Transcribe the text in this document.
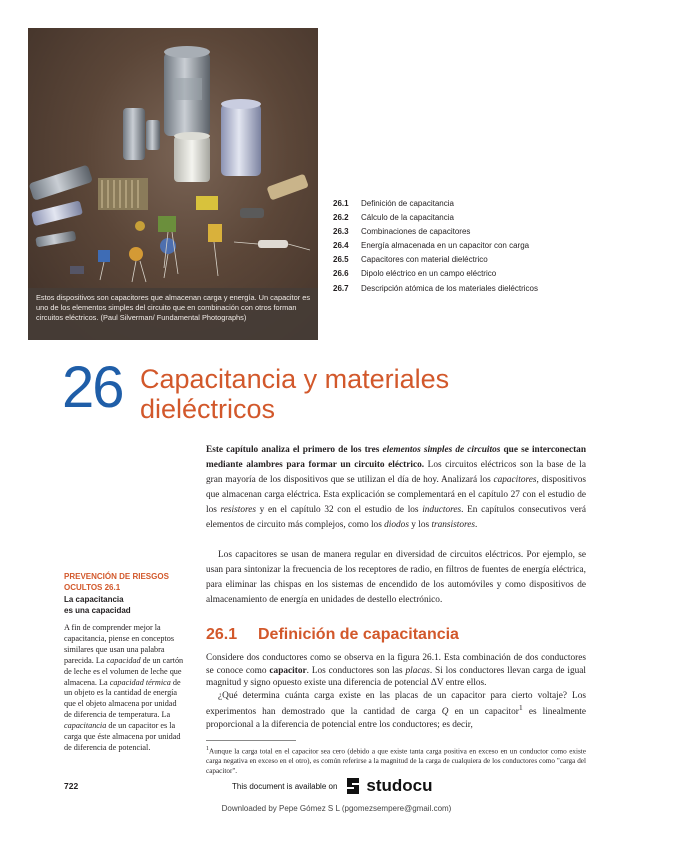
Estos dispositivos son capacitores que almacenan carga y energía. Un capacitor es uno de los elementos simples del circuito que en combinación con otros forman circuitos eléctricos. (Paul Silverman/ Fundamental Photographs)
26.1 Definición de capacitancia
26.2 Cálculo de la capacitancia
26.3 Combinaciones de capacitores
26.4 Energía almacenada en un capacitor con carga
26.5 Capacitores con material dieléctrico
26.6 Dipolo eléctrico en un campo eléctrico
26.7 Descripción atómica de los materiales dieléctricos
26 Capacitancia y materiales
dieléctricos
Este capítulo analiza el primero de los tres elementos simples de circuitos que se interconectan mediante alambres para formar un circuito eléctrico. Los circuitos eléctricos son la base de la gran mayoría de los dispositivos que se utilizan el día de hoy. Analizará los capacitores, dispositivos que almacenan carga eléctrica. Esta explicación se complementará en el capítulo 27 con el estudio de los resistores y en el capítulo 32 con el estudio de los inductores. En capítulos consecutivos verá elementos de circuito más complejos, como los diodos y los transistores.
Los capacitores se usan de manera regular en diversidad de circuitos eléctricos. Por ejemplo, se usan para sintonizar la frecuencia de los receptores de radio, en filtros de fuentes de energía eléctrica, para eliminar las chispas en los sistemas de encendido de los automóviles y como dispositivos de almacenamiento de energía en unidades de destello electrónico.
26.1 Definición de capacitancia
Considere dos conductores como se observa en la figura 26.1. Esta combinación de dos conductores se conoce como capacitor. Los conductores son las placas. Si los conductores llevan carga de igual magnitud y signo opuesto existe una diferencia de potencial ΔV entre ellos.
¿Qué determina cuánta carga existe en las placas de un capacitor para cierto voltaje? Los experimentos han demostrado que la cantidad de carga Q en un capacitor$^1$ es linealmente proporcional a la diferencia de potencial entre los conductores; es decir,
$^1$Aunque la carga total en el capacitor sea cero (debido a que existe tanta carga positiva en exceso en un conductor como existe carga negativa en exceso en el otro), es común referirse a la magnitud de la carga de cualquiera de los conductores como "carga del capacitor".
PREVENCIÓN DE RIESGOS
OCULTOS 26.1
La capacitancia
es una capacidad
A fin de comprender mejor la capacitancia, piense en conceptos similares que usan una palabra parecida. La capacidad de un cartón de leche es el volumen de leche que almacena. La capacidad térmica de un objeto es la cantidad de energía que el objeto almacena por unidad de diferencia de temperatura. La capacitancia de un capacitor es la carga que éste almacena por unidad de diferencia de potencial.
722	This document is available on studocu
Downloaded by Pepe Gómez S L (pgomezsempere@gmail.com)
